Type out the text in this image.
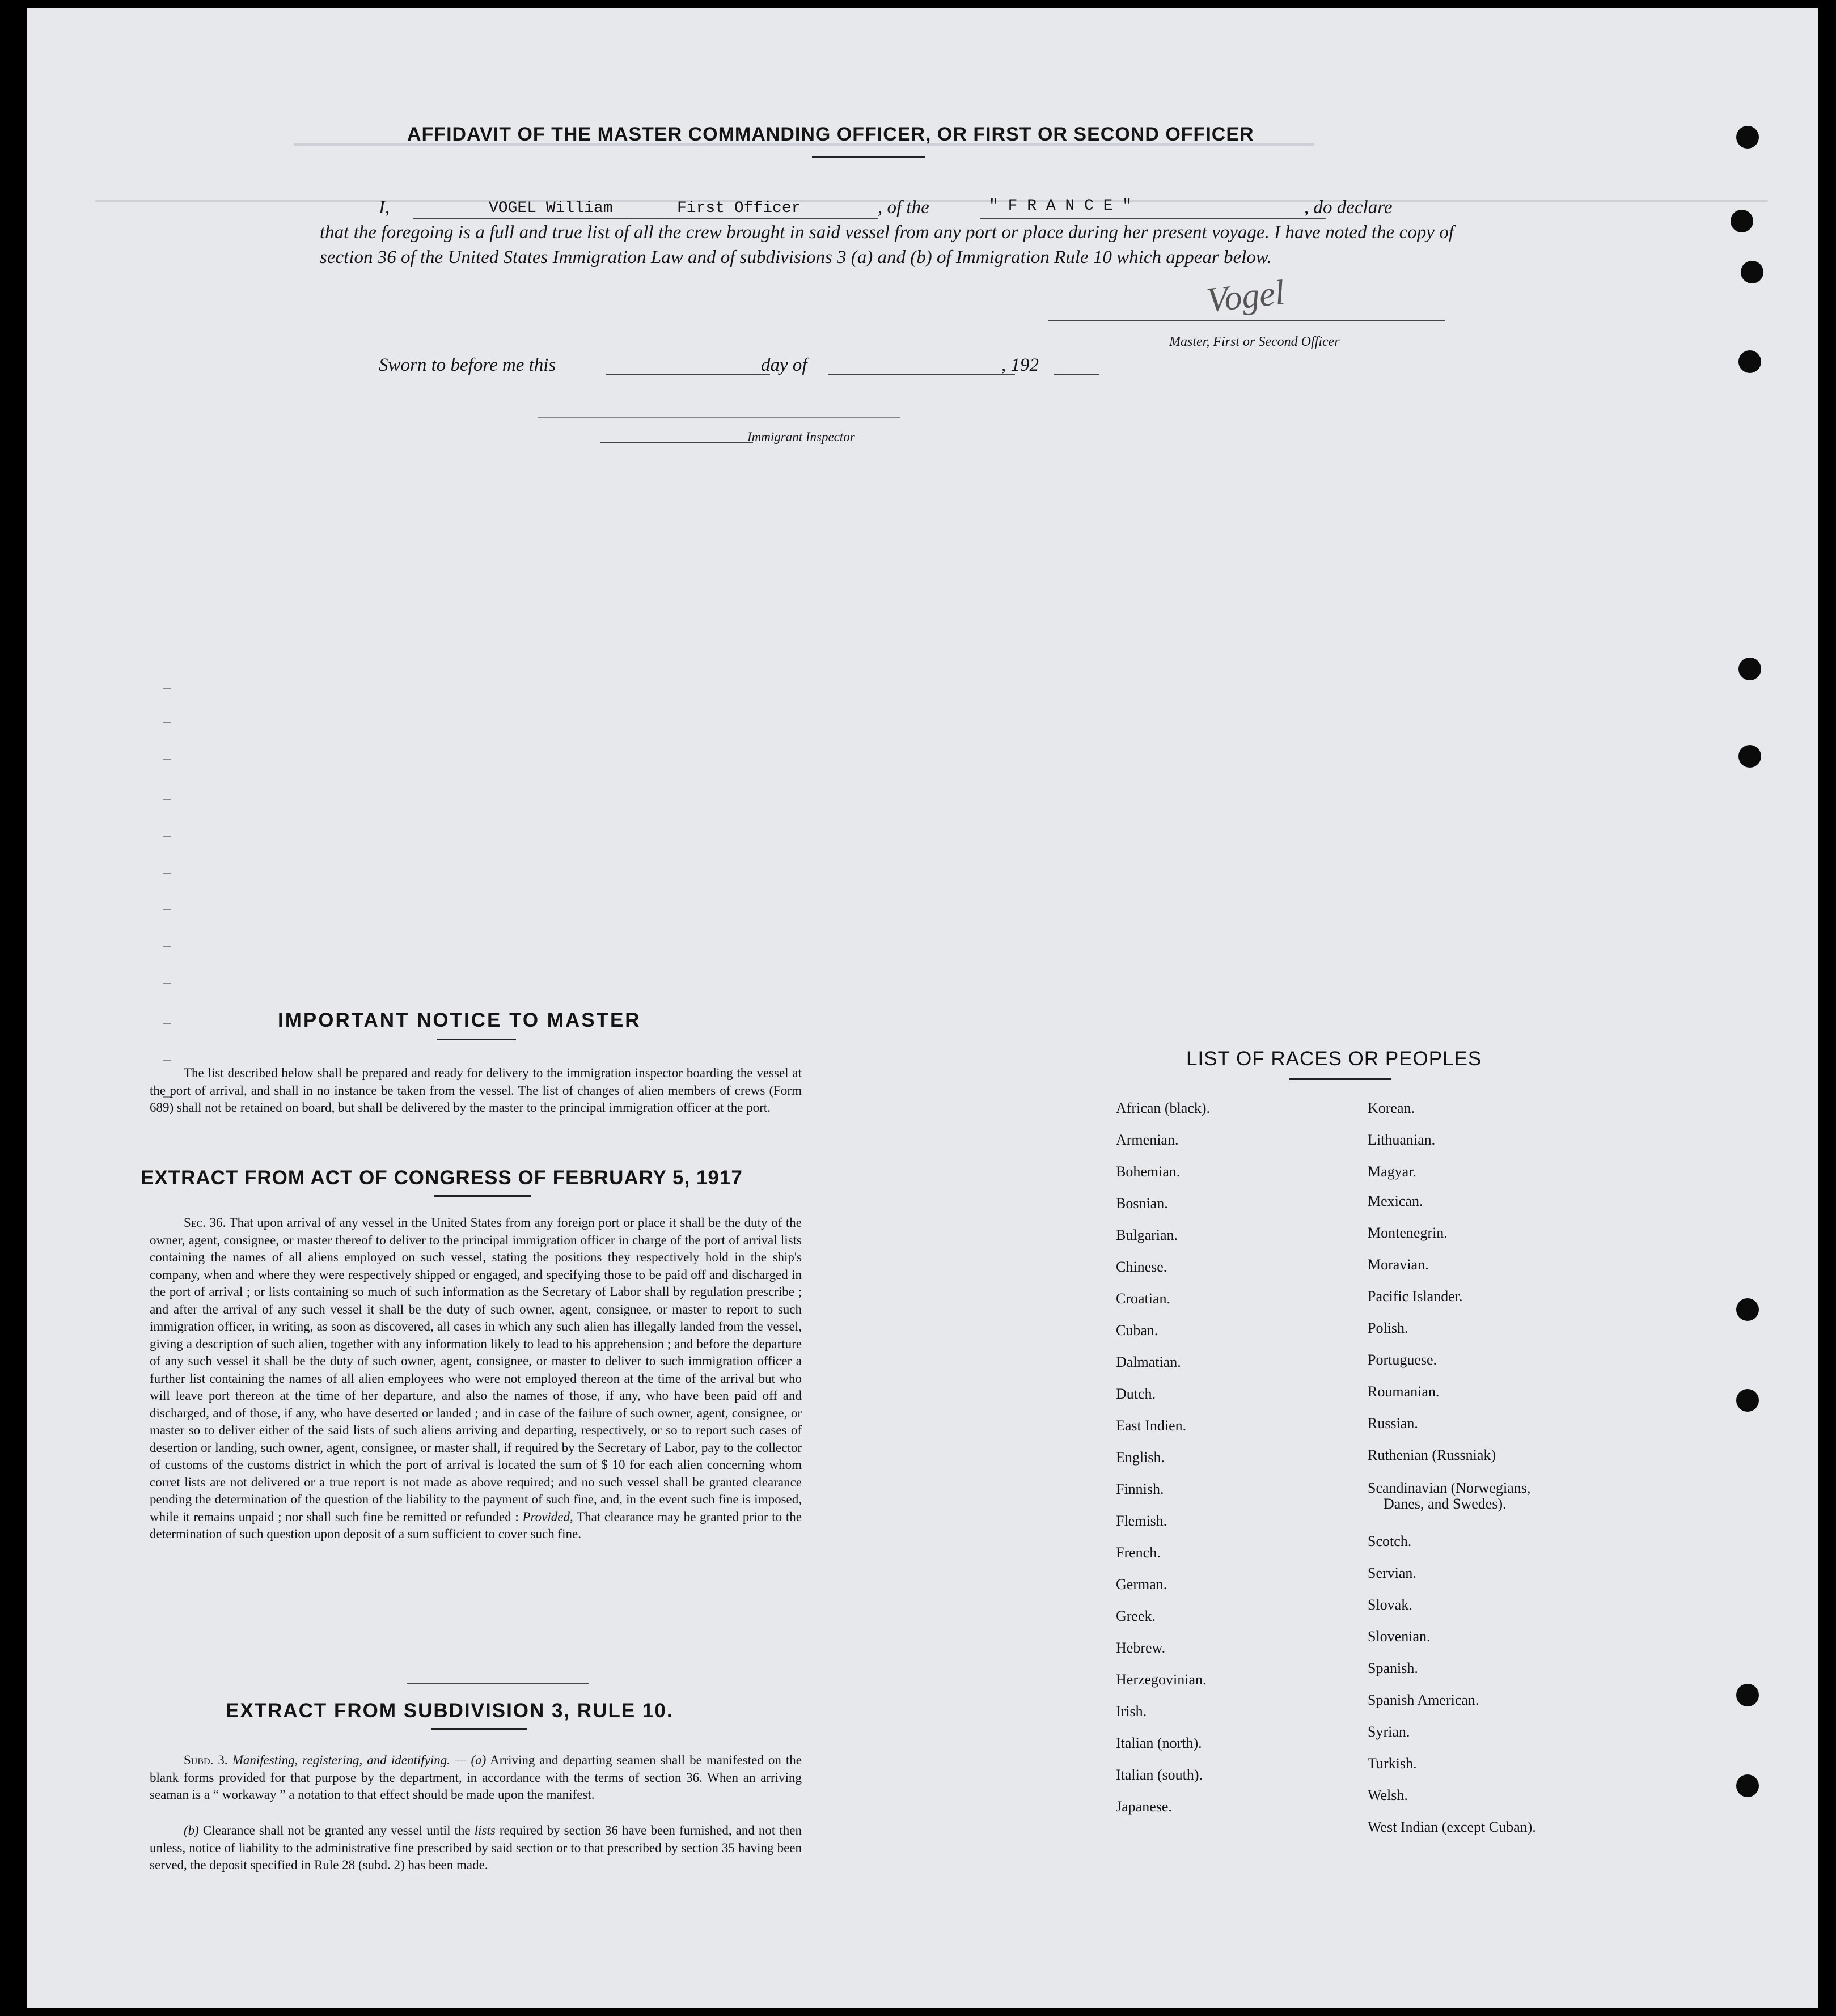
AFFIDAVIT OF THE MASTER COMMANDING OFFICER, OR FIRST OR SECOND OFFICER
I,	VOGEL William	First Officer	, of the	" F R A N C E "	, do declare
that the foregoing is a full and true list of all the crew brought in said vessel from any port or place during her present voyage. I have noted the copy of section 36 of the United States Immigration Law and of subdivisions 3 (a) and (b) of Immigration Rule 10 which appear below.
Vogel
Master, First or Second Officer
Sworn to before me this	day of	, 192
Immigrant Inspector
IMPORTANT NOTICE TO MASTER
The list described below shall be prepared and ready for delivery to the immigration inspector boarding the vessel at the port of arrival, and shall in no instance be taken from the vessel. The list of changes of alien members of crews (Form 689) shall not be retained on board, but shall be delivered by the master to the principal immigration officer at the port.
EXTRACT FROM ACT OF CONGRESS OF FEBRUARY 5, 1917
Sec. 36. That upon arrival of any vessel in the United States from any foreign port or place it shall be the duty of the owner, agent, consignee, or master thereof to deliver to the principal immigration officer in charge of the port of arrival lists containing the names of all aliens employed on such vessel, stating the positions they respectively hold in the ship's company, when and where they were respectively shipped or engaged, and specifying those to be paid off and discharged in the port of arrival ; or lists containing so much of such information as the Secretary of Labor shall by regulation prescribe ; and after the arrival of any such vessel it shall be the duty of such owner, agent, consignee, or master to report to such immigration officer, in writing, as soon as discovered, all cases in which any such alien has illegally landed from the vessel, giving a description of such alien, together with any information likely to lead to his apprehension ; and before the departure of any such vessel it shall be the duty of such owner, agent, consignee, or master to deliver to such immigration officer a further list containing the names of all alien employees who were not employed thereon at the time of the arrival but who will leave port thereon at the time of her departure, and also the names of those, if any, who have been paid off and discharged, and of those, if any, who have deserted or landed ; and in case of the failure of such owner, agent, consignee, or master so to deliver either of the said lists of such aliens arriving and departing, respectively, or so to report such cases of desertion or landing, such owner, agent, consignee, or master shall, if required by the Secretary of Labor, pay to the collector of customs of the customs district in which the port of arrival is located the sum of $ 10 for each alien concerning whom corret lists are not delivered or a true report is not made as above required; and no such vessel shall be granted clearance pending the determination of the question of the liability to the payment of such fine, and, in the event such fine is imposed, while it remains unpaid ; nor shall such fine be remitted or refunded : Provided, That clearance may be granted prior to the determination of such question upon deposit of a sum sufficient to cover such fine.
EXTRACT FROM SUBDIVISION 3, RULE 10.
Subd. 3. Manifesting, registering, and identifying. — (a) Arriving and departing seamen shall be manifested on the blank forms provided for that purpose by the department, in accordance with the terms of section 36. When an arriving seaman is a “ workaway ” a notation to that effect should be made upon the manifest.
(b) Clearance shall not be granted any vessel until the lists required by section 36 have been furnished, and not then unless, notice of liability to the administrative fine prescribed by said section or to that prescribed by section 35 having been served, the deposit specified in Rule 28 (subd. 2) has been made.
LIST OF RACES OR PEOPLES
African (black).
Armenian.
Bohemian.
Bosnian.
Bulgarian.
Chinese.
Croatian.
Cuban.
Dalmatian.
Dutch.
East Indien.
English.
Finnish.
Flemish.
French.
German.
Greek.
Hebrew.
Herzegovinian.
Irish.
Italian (north).
Italian (south).
Japanese.
Korean.
Lithuanian.
Magyar.
Mexican.
Montenegrin.
Moravian.
Pacific Islander.
Polish.
Portuguese.
Roumanian.
Russian.
Ruthenian (Russniak)
Scandinavian (Norwegians,
Danes, and Swedes).
Scotch.
Servian.
Slovak.
Slovenian.
Spanish.
Spanish American.
Syrian.
Turkish.
Welsh.
West Indian (except Cuban).
